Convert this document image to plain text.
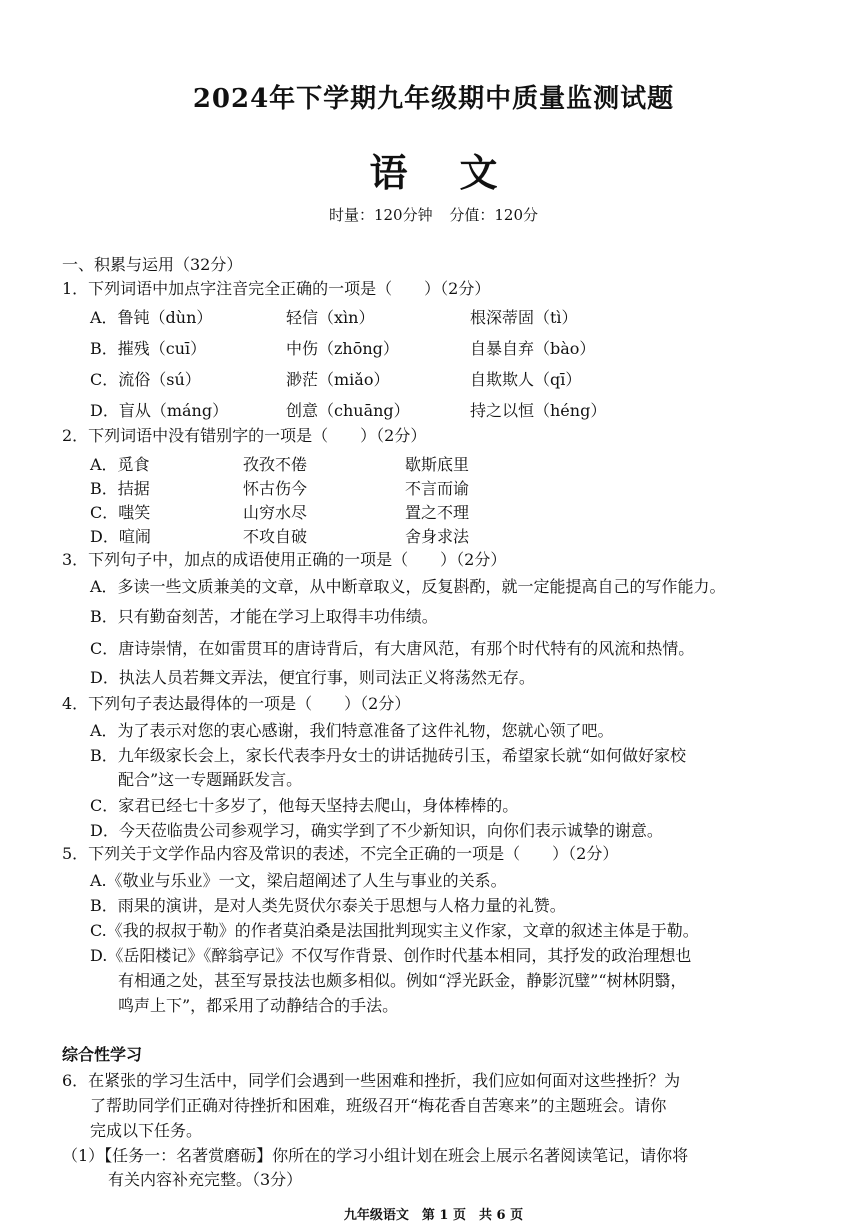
2024年下学期九年级期中质量监测试题
语文
时量：120分钟 分值：120分
一、积累与运用（32分）
1．下列词语中加点字注音完全正确的一项是（　　）（2分）
A．鲁钝（dùn）	轻信（xìn）	根深蒂固（tì）
B．摧残（cuī）	中伤（zhōng）	自暴自弃（bào）
C．流俗（sú）	渺茫（miǎo）	自欺欺人（qī）
D．盲从（máng）	创意（chuāng）	持之以恒（héng）
2．下列词语中没有错别字的一项是（　　）（2分）
A．觅食	孜孜不倦	歇斯底里
B．拮据	怀古伤今	不言而谕
C．嗤笑	山穷水尽	置之不理
D．喧闹	不攻自破	舍身求法
3．下列句子中，加点的成语使用正确的一项是（　　）（2分）
A．多读一些文质兼美的文章，从中断章取义，反复斟酌，就一定能提高自己的写作能力。
B．只有勤奋刻苦，才能在学习上取得丰功伟绩。
C．唐诗崇情，在如雷贯耳的唐诗背后，有大唐风范，有那个时代特有的风流和热情。
D．执法人员若舞文弄法，便宜行事，则司法正义将荡然无存。
4．下列句子表达最得体的一项是（　　）（2分）
A．为了表示对您的衷心感谢，我们特意准备了这件礼物，您就心领了吧。
B．九年级家长会上，家长代表李丹女士的讲话抛砖引玉，希望家长就“如何做好家校
配合”这一专题踊跃发言。
C．家君已经七十多岁了，他每天坚持去爬山，身体棒棒的。
D．今天莅临贵公司参观学习，确实学到了不少新知识，向你们表示诚挚的谢意。
5．下列关于文学作品内容及常识的表述，不完全正确的一项是（　　）（2分）
A.《敬业与乐业》一文，梁启超阐述了人生与事业的关系。
B．雨果的演讲，是对人类先贤伏尔泰关于思想与人格力量的礼赞。
C.《我的叔叔于勒》的作者莫泊桑是法国批判现实主义作家，文章的叙述主体是于勒。
D.《岳阳楼记》《醉翁亭记》不仅写作背景、创作时代基本相同，其抒发的政治理想也
有相通之处，甚至写景技法也颇多相似。例如“浮光跃金，静影沉璧”“树林阴翳，
鸣声上下”，都采用了动静结合的手法。
综合性学习
6．在紧张的学习生活中，同学们会遇到一些困难和挫折，我们应如何面对这些挫折？为
了帮助同学们正确对待挫折和困难，班级召开“梅花香自苦寒来”的主题班会。请你
完成以下任务。
（1）【任务一：名著赏磨砺】你所在的学习小组计划在班会上展示名著阅读笔记，请你将
有关内容补充完整。（3分）
九年级语文　第 1 页　共 6 页
